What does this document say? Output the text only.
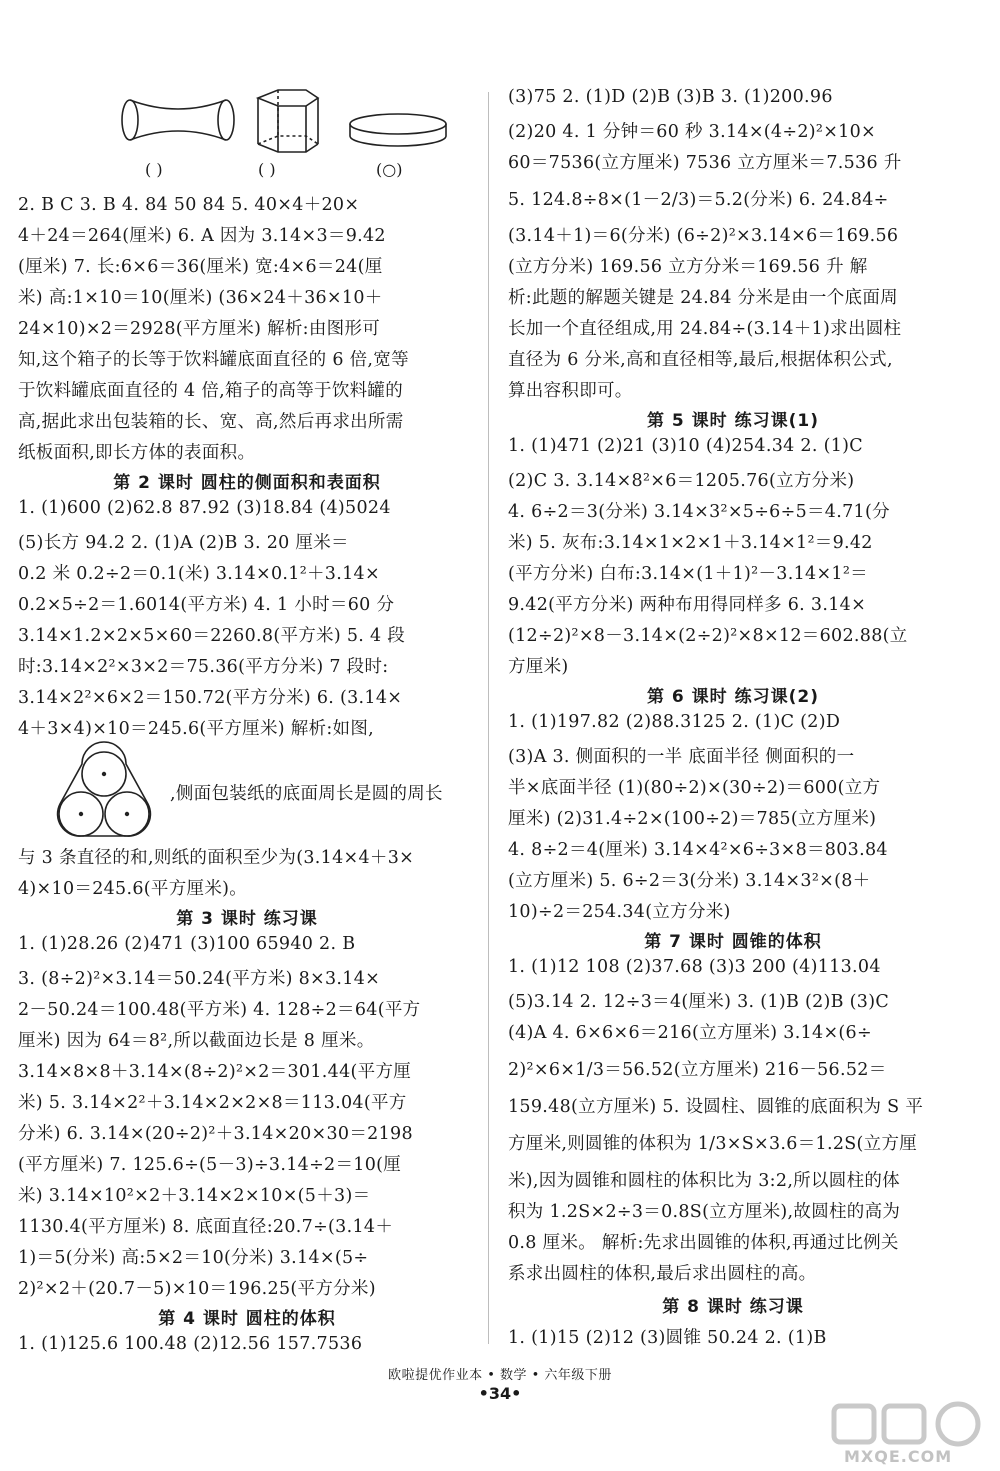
( )	( )	(○)
2. B C 3. B 4. 84 50 84 5. 40×4＋20×
4＋24＝264(厘米) 6. A 因为 3.14×3＝9.42
(厘米) 7. 长:6×6＝36(厘米) 宽:4×6＝24(厘
米) 高:1×10＝10(厘米) (36×24＋36×10＋
24×10)×2＝2928(平方厘米) 解析:由图形可
知,这个箱子的长等于饮料罐底面直径的 6 倍,宽等
于饮料罐底面直径的 4 倍,箱子的高等于饮料罐的
高,据此求出包装箱的长、宽、高,然后再求出所需
纸板面积,即长方体的表面积。
第 2 课时 圆柱的侧面积和表面积
1. (1)600 (2)62.8 87.92 (3)18.84 (4)5024
(5)长方 94.2 2. (1)A (2)B 3. 20 厘米＝
0.2 米 0.2÷2＝0.1(米) 3.14×0.1²＋3.14×
0.2×5÷2＝1.6014(平方米) 4. 1 小时＝60 分
3.14×1.2×2×5×60＝2260.8(平方米) 5. 4 段
时:3.14×2²×3×2＝75.36(平方分米) 7 段时:
3.14×2²×6×2＝150.72(平方分米) 6. (3.14×
4＋3×4)×10＝245.6(平方厘米) 解析:如图,
,侧面包装纸的底面周长是圆的周长
与 3 条直径的和,则纸的面积至少为(3.14×4＋3×
4)×10＝245.6(平方厘米)。
第 3 课时 练习课
1. (1)28.26 (2)471 (3)100 65940 2. B
3. (8÷2)²×3.14＝50.24(平方米) 8×3.14×
2－50.24＝100.48(平方米) 4. 128÷2＝64(平方
厘米) 因为 64＝8²,所以截面边长是 8 厘米。
3.14×8×8＋3.14×(8÷2)²×2＝301.44(平方厘
米) 5. 3.14×2²＋3.14×2×2×8＝113.04(平方
分米) 6. 3.14×(20÷2)²＋3.14×20×30＝2198
(平方厘米) 7. 125.6÷(5－3)÷3.14÷2＝10(厘
米) 3.14×10²×2＋3.14×2×10×(5＋3)＝
1130.4(平方厘米) 8. 底面直径:20.7÷(3.14＋
1)＝5(分米) 高:5×2＝10(分米) 3.14×(5÷
2)²×2＋(20.7－5)×10＝196.25(平方分米)
第 4 课时 圆柱的体积
1. (1)125.6 100.48 (2)12.56 157.7536
(3)75 2. (1)D (2)B (3)B 3. (1)200.96
(2)20 4. 1 分钟＝60 秒 3.14×(4÷2)²×10×
60＝7536(立方厘米) 7536 立方厘米＝7.536 升
5. 124.8÷8×(1－2/3)＝5.2(分米) 6. 24.84÷
(3.14＋1)＝6(分米) (6÷2)²×3.14×6＝169.56
(立方分米) 169.56 立方分米＝169.56 升 解
析:此题的解题关键是 24.84 分米是由一个底面周
长加一个直径组成,用 24.84÷(3.14＋1)求出圆柱
直径为 6 分米,高和直径相等,最后,根据体积公式,
算出容积即可。
第 5 课时 练习课(1)
1. (1)471 (2)21 (3)10 (4)254.34 2. (1)C
(2)C 3. 3.14×8²×6＝1205.76(立方分米)
4. 6÷2＝3(分米) 3.14×3²×5÷6÷5＝4.71(分
米) 5. 灰布:3.14×1×2×1＋3.14×1²＝9.42
(平方分米) 白布:3.14×(1＋1)²－3.14×1²＝
9.42(平方分米) 两种布用得同样多 6. 3.14×
(12÷2)²×8－3.14×(2÷2)²×8×12＝602.88(立
方厘米)
第 6 课时 练习课(2)
1. (1)197.82 (2)88.3125 2. (1)C (2)D
(3)A 3. 侧面积的一半 底面半径 侧面积的一
半×底面半径 (1)(80÷2)×(30÷2)＝600(立方
厘米) (2)31.4÷2×(100÷2)＝785(立方厘米)
4. 8÷2＝4(厘米) 3.14×4²×6÷3×8＝803.84
(立方厘米) 5. 6÷2＝3(分米) 3.14×3²×(8＋
10)÷2＝254.34(立方分米)
第 7 课时 圆锥的体积
1. (1)12 108 (2)37.68 (3)3 200 (4)113.04
(5)3.14 2. 12÷3＝4(厘米) 3. (1)B (2)B (3)C
(4)A 4. 6×6×6＝216(立方厘米) 3.14×(6÷
2)²×6×1/3＝56.52(立方厘米) 216－56.52＝
159.48(立方厘米) 5. 设圆柱、圆锥的底面积为 S 平
方厘米,则圆锥的体积为 1/3×S×3.6＝1.2S(立方厘
米),因为圆锥和圆柱的体积比为 3:2,所以圆柱的体
积为 1.2S×2÷3＝0.8S(立方厘米),故圆柱的高为
0.8 厘米。 解析:先求出圆锥的体积,再通过比例关
系求出圆柱的体积,最后求出圆柱的高。
第 8 课时 练习课
1. (1)15 (2)12 (3)圆锥 50.24 2. (1)B
欧啦提优作业本 • 数学 • 六年级下册
•34•
MXQE.COM
